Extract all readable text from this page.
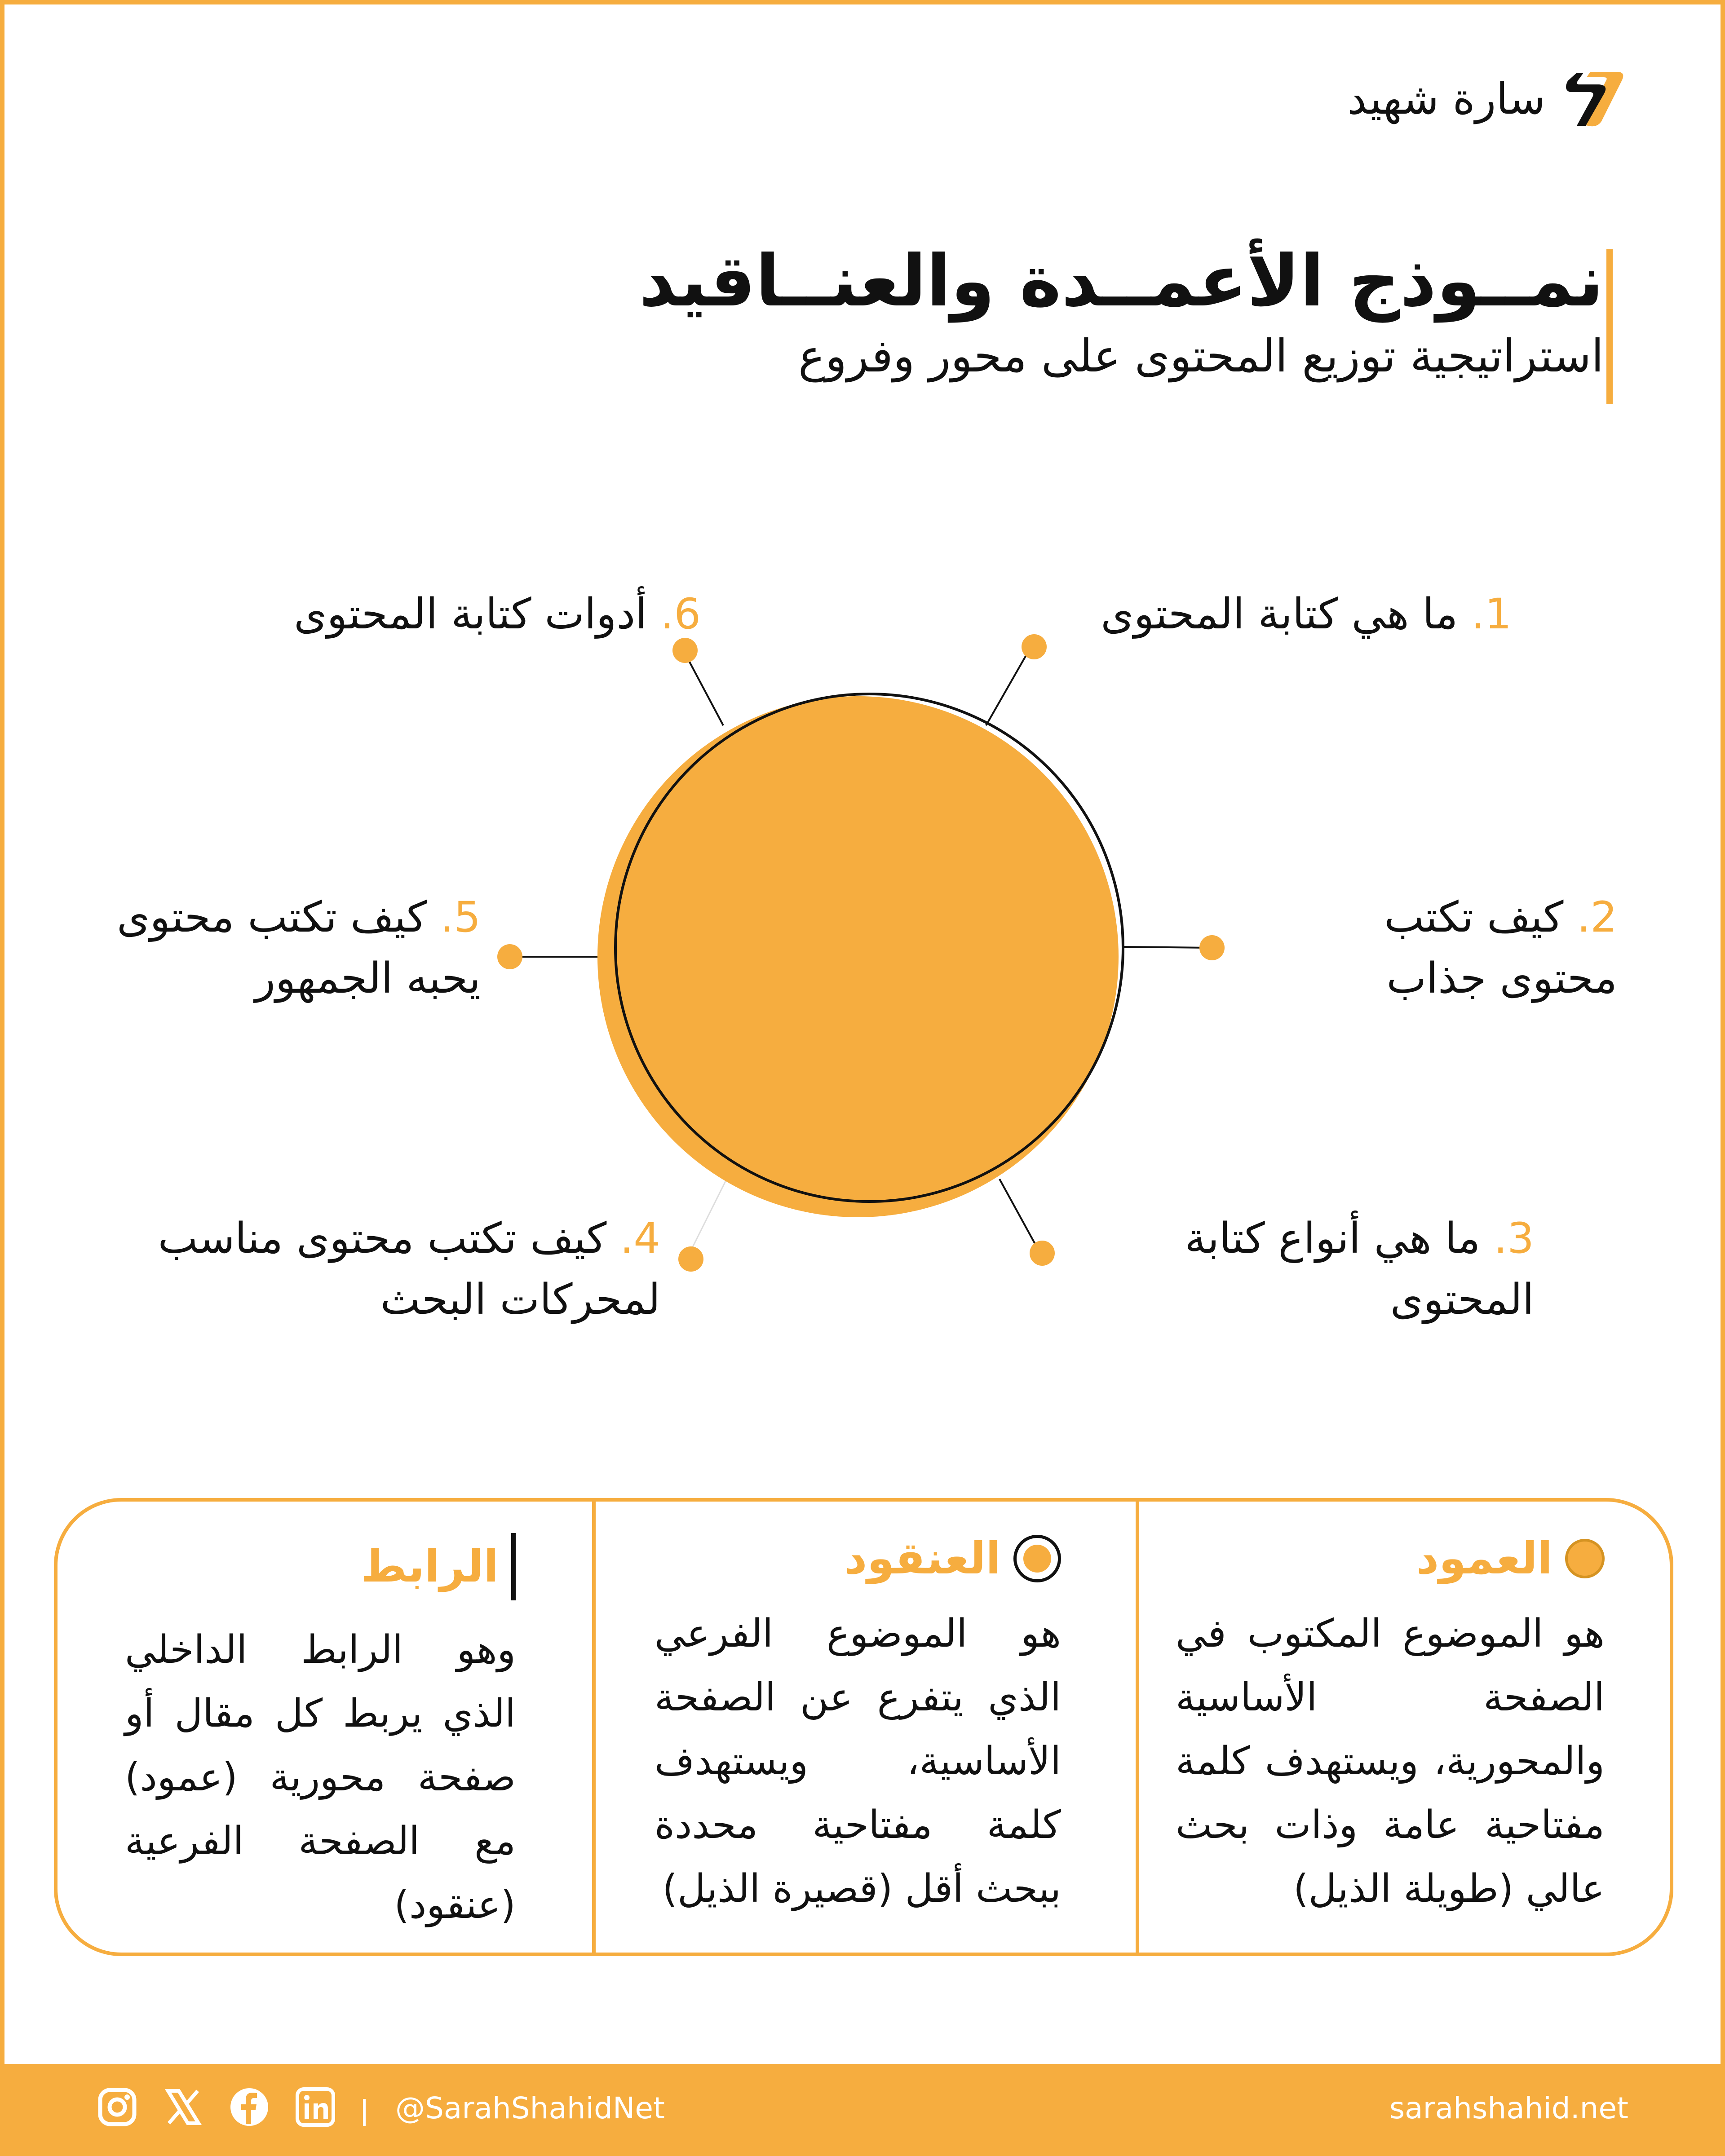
سارة شهيد
نمــوذج الأعمــدة والعنــاقيد

استراتيجية توزيع المحتوى على محور وفروع

كتابة المحتوى
1. ما هي كتابة المحتوى
2. كيف تكتب محتوى جذاب
3. ما هي أنواع كتابة المحتوى
4. كيف تكتب محتوى مناسب لمحركات البحث
5. كيف تكتب محتوى يحبه الجمهور
6. أدوات كتابة المحتوى
العمود
هو الموضوع المكتوب في الصفحة الأساسية والمحورية، ويستهدف كلمة مفتاحية عامة وذات بحث عالي (طويلة الذيل)
العنقود
هو الموضوع الفرعي الذي يتفرع عن الصفحة الأساسية، ويستهدف كلمة مفتاحية محددة ببحث أقل (قصيرة الذيل)
الرابط
وهو الرابط الداخلي الذي يربط كل مقال أو صفحة محورية (عمود) مع الصفحة الفرعية (عنقود)
@SarahShahidNet	sarahshahid.net
